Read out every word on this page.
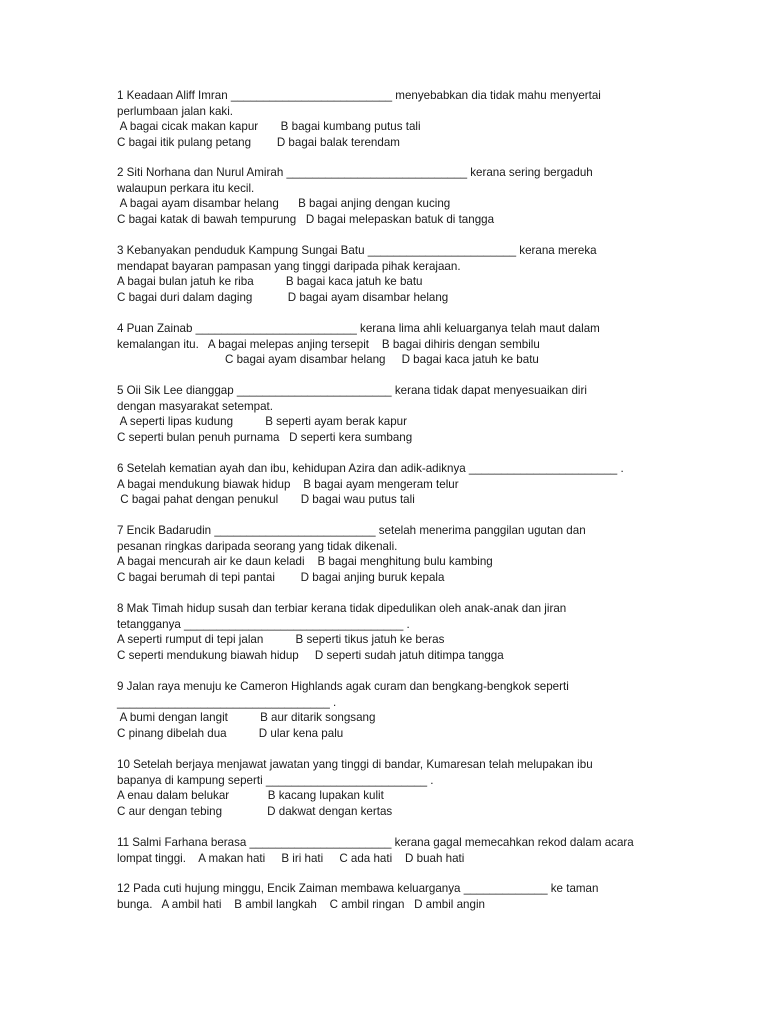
1 Keadaan Aliff Imran _________________________ menyebabkan dia tidak mahu menyertai
perlumbaan jalan kaki.
A bagai cicak makan kapur       B bagai kumbang putus tali
C bagai itik pulang petang        D bagai balak terendam
2 Siti Norhana dan Nurul Amirah ____________________________ kerana sering bergaduh
walaupun perkara itu kecil.
A bagai ayam disambar helang      B bagai anjing dengan kucing
C bagai katak di bawah tempurung   D bagai melepaskan batuk di tangga
3 Kebanyakan penduduk Kampung Sungai Batu _______________________ kerana mereka
mendapat bayaran pampasan yang tinggi daripada pihak kerajaan.
A bagai bulan jatuh ke riba          B bagai kaca jatuh ke batu
C bagai duri dalam daging           D bagai ayam disambar helang
4 Puan Zainab _________________________ kerana lima ahli keluarganya telah maut dalam
kemalangan itu.   A bagai melepas anjing tersepit    B bagai dihiris dengan sembilu
C bagai ayam disambar helang     D bagai kaca jatuh ke batu
5 Oii Sik Lee dianggap ________________________ kerana tidak dapat menyesuaikan diri
dengan masyarakat setempat.
A seperti lipas kudung          B seperti ayam berak kapur
C seperti bulan penuh purnama   D seperti kera sumbang
6 Setelah kematian ayah dan ibu, kehidupan Azira dan adik-adiknya _______________________ .
A bagai mendukung biawak hidup    B bagai ayam mengeram telur
C bagai pahat dengan penukul       D bagai wau putus tali
7 Encik Badarudin _________________________ setelah menerima panggilan ugutan dan
pesanan ringkas daripada seorang yang tidak dikenali.
A bagai mencurah air ke daun keladi    B bagai menghitung bulu kambing
C bagai berumah di tepi pantai        D bagai anjing buruk kepala
8 Mak Timah hidup susah dan terbiar kerana tidak dipedulikan oleh anak-anak dan jiran
tetangganya __________________________________ .
A seperti rumput di tepi jalan          B seperti tikus jatuh ke beras
C seperti mendukung biawah hidup     D seperti sudah jatuh ditimpa tangga
9 Jalan raya menuju ke Cameron Highlands agak curam dan bengkang-bengkok seperti
_________________________________ .
A bumi dengan langit          B aur ditarik songsang
C pinang dibelah dua          D ular kena palu
10 Setelah berjaya menjawat jawatan yang tinggi di bandar, Kumaresan telah melupakan ibu
bapanya di kampung seperti _________________________ .
A enau dalam belukar            B kacang lupakan kulit
C aur dengan tebing              D dakwat dengan kertas
11 Salmi Farhana berasa ______________________ kerana gagal memecahkan rekod dalam acara
lompat tinggi.    A makan hati     B iri hati     C ada hati    D buah hati
12 Pada cuti hujung minggu, Encik Zaiman membawa keluarganya _____________ ke taman
bunga.   A ambil hati    B ambil langkah    C ambil ringan   D ambil angin
